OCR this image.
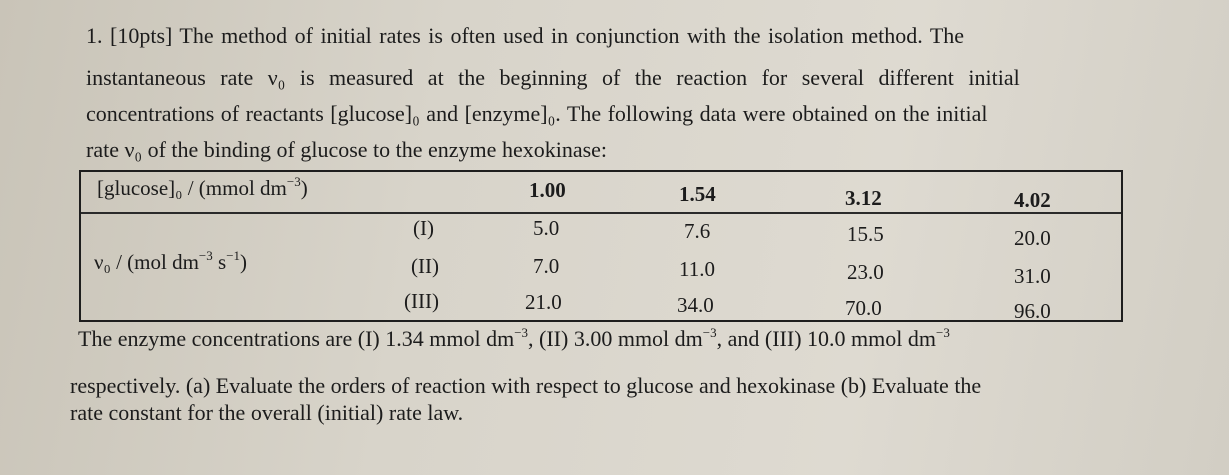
1. [10pts] The method of initial rates is often used in conjunction with the isolation method. The
instantaneous rate ν₀ is measured at the beginning of the reaction for several different initial
concentrations of reactants [glucose]₀ and [enzyme]₀. The following data were obtained on the initial
rate ν₀ of the binding of glucose to the enzyme hexokinase:
[glucose]₀ / (mmol $dm^{-3}$)	1.00	1.54	3.12	4.02
ν₀ / (mol $dm^{-3}$ $s^{-1}$)
(I)	5.0	7.6	15.5	20.0
(II)	7.0	11.0	23.0	31.0
(III)	21.0	34.0	70.0	96.0
The enzyme concentrations are (I) 1.34 mmol $dm^{-3}$, (II) 3.00 mmol $dm^{-3}$, and (III) 10.0 mmol $dm^{-3}$
respectively. (a) Evaluate the orders of reaction with respect to glucose and hexokinase (b) Evaluate the
rate constant for the overall (initial) rate law.
